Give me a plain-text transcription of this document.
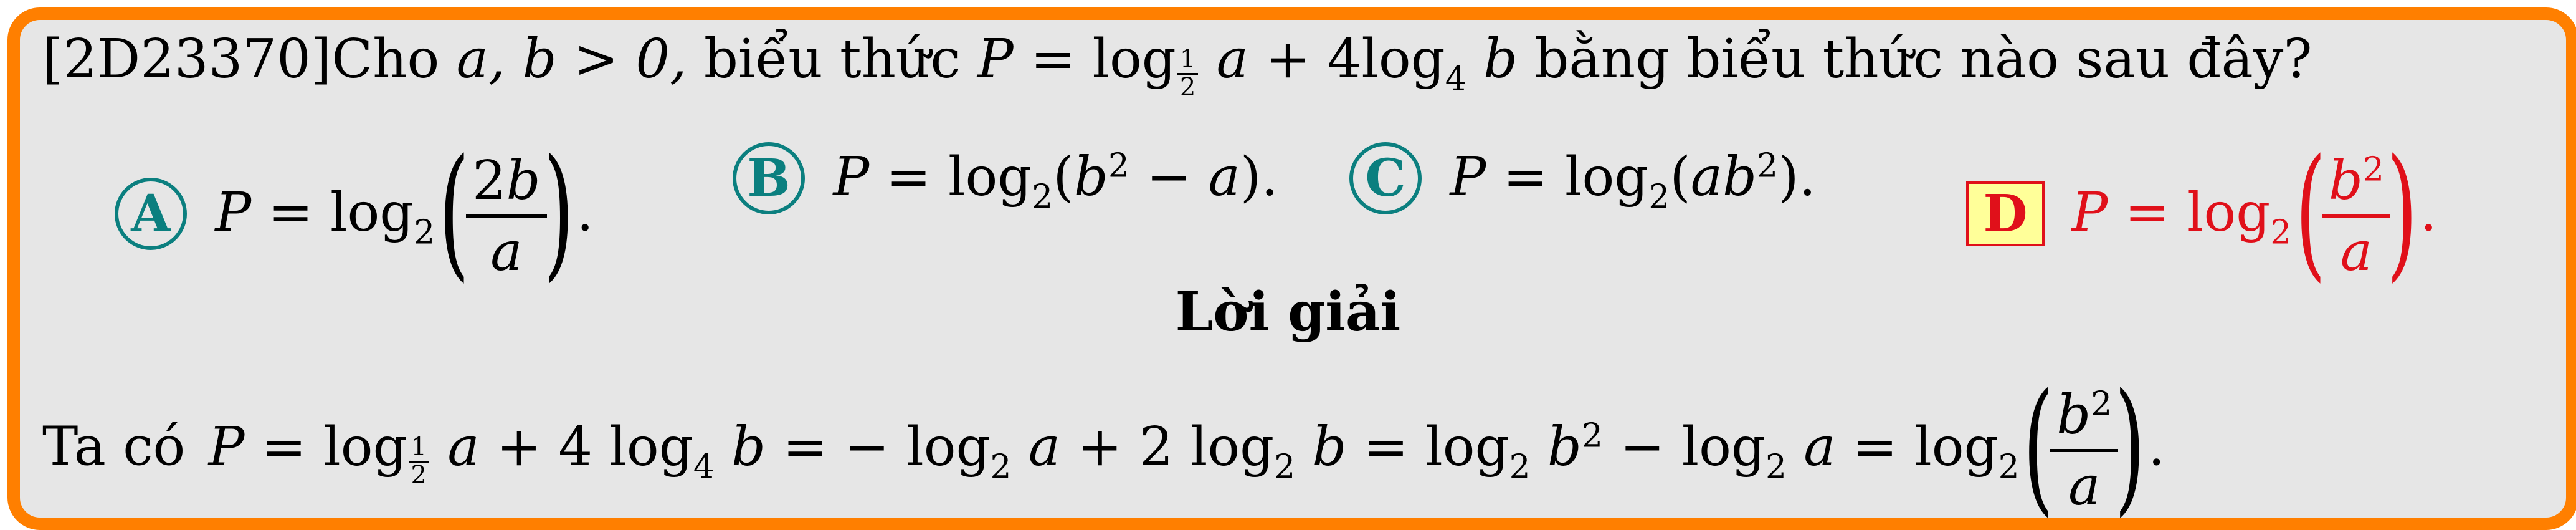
[2D23370]Cho a, b > 0, biểu thức $P = \log \frac{1}{2}$ $a + 4\log_4$ b bằng biểu thức nào sau đây?
A $P = \log_2$(
$\frac{2b}{a}$
).
B $P = \log_2(b^2 - a)$.	C $P = \log_2(ab^2)$.
D $P = \log_2$(
$\frac{b^2}{a}$
).
Lời giải
Ta có $P = \log \frac{1}{2}$ a + 4 $\log_4 b$ = − $\log_2 a + 2$ $\log_2 b = \log_2 b^2 - \log_2 a = \log_2$(
$\frac{b^2}{a}$
).
